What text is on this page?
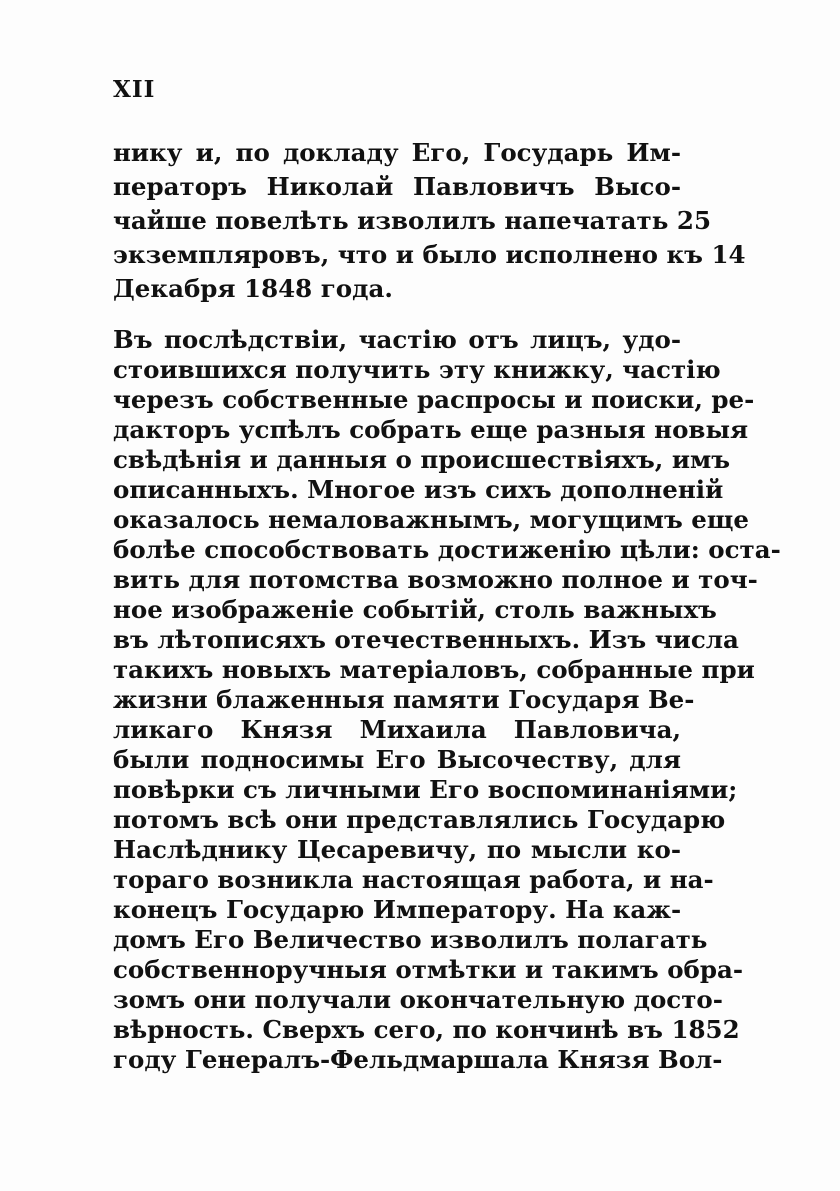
XII
нику и, по докладу Его, Государь Им-
ператоръ Николай Павловичъ Высо-
чайше повелѣть изволилъ напечатать 25
экземпляровъ, что и было исполнено къ 14
Декабря 1848 года.
Въ послѣдствіи, частію отъ лицъ, удо-
стоившихся получить эту книжку, частію
черезъ собственные распросы и поиски, ре-
дакторъ успѣлъ собрать еще разныя новыя
свѣдѣнія и данныя о происшествіяхъ, имъ
описанныхъ. Многое изъ сихъ дополненій
оказалось немаловажнымъ, могущимъ еще
болѣе способствовать достиженію цѣли: оста-
вить для потомства возможно полное и точ-
ное изображеніе событій, столь важныхъ
въ лѣтописяхъ отечественныхъ. Изъ числа
такихъ новыхъ матеріаловъ, собранные при
жизни блаженныя памяти Государя Ве-
ликаго Князя Михаила Павловича,
были подносимы Его Высочеству, для
повѣрки съ личными Его воспоминаніями;
потомъ всѣ они представлялись Государю
Наслѣднику Цесаревичу, по мысли ко-
тораго возникла настоящая работа, и на-
конецъ Государю Императору. На каж-
домъ Его Величество изволилъ полагать
собственноручныя отмѣтки и такимъ обра-
зомъ они получали окончательную досто-
вѣрность. Сверхъ сего, по кончинѣ въ 1852
году Генералъ-Фельдмаршала Князя Вол-
